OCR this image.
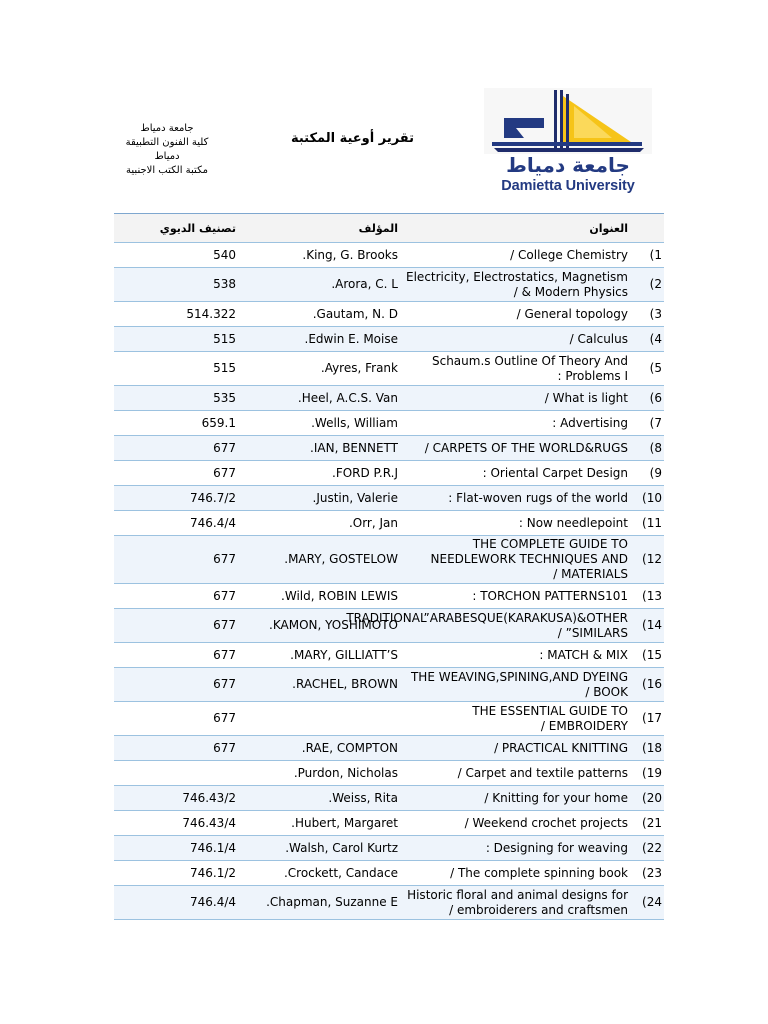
جامعة دمياط
كلية الفنون التطبيقة دمياط
مكتبة الكتب الاجنبية
تقرير أوعية المكتبة
جامعة دمياط
Damietta University
	العنوان	المؤلف	تصنيف الديوي
(1	College Chemistry /	King, G. Brooks.	540
(2	Electricity, Electrostatics, Magnetism & Modern Physics /	Arora, C. L.	538
(3	General topology /	Gautam, N. D.	514.322
(4	Calculus /	Edwin E. Moise.	515
(5	Schaum.s Outline Of Theory And Problems I :	Ayres, Frank.	515
(6	What is light /	Heel, A.C.S. Van.	535
(7	Advertising :	Wells, William.	659.1
(8	CARPETS OF THE WORLD&RUGS /	IAN, BENNETT.	677
(9	Oriental Carpet Design :	FORD P.R.J.	677
(10	Flat-woven rugs of the world :	Justin, Valerie.	746.7/2
(11	Now needlepoint :	Orr, Jan.	746.4/4
(12	THE COMPLETE GUIDE TO NEEDLEWORK TECHNIQUES AND MATERIALS /	MARY, GOSTELOW.	677
(13	TORCHON PATTERNS101 :	Wild, ROBIN LEWIS.	677
(14	TRADITIONAL”ARABESQUE(KARAKUSA)&OTHER SIMILARS” /	KAMON, YOSHIMOTO.	677
(15	MATCH & MIX :	MARY, GILLIATT’S.	677
(16	THE WEAVING,SPINING,AND DYEING BOOK /	RACHEL, BROWN.	677
(17	THE ESSENTIAL GUIDE TO EMBROIDERY /		677
(18	PRACTICAL KNITTING /	RAE, COMPTON.	677
(19	Carpet and textile patterns /	Purdon, Nicholas.	
(20	Knitting for your home /	Weiss, Rita.	746.43/2
(21	Weekend crochet projects /	Hubert, Margaret.	746.43/4
(22	Designing for weaving :	Walsh, Carol Kurtz.	746.1/4
(23	The complete spinning book /	Crockett, Candace.	746.1/2
(24	Historic floral and animal designs for embroiderers and craftsmen /	Chapman, Suzanne E.	746.4/4
